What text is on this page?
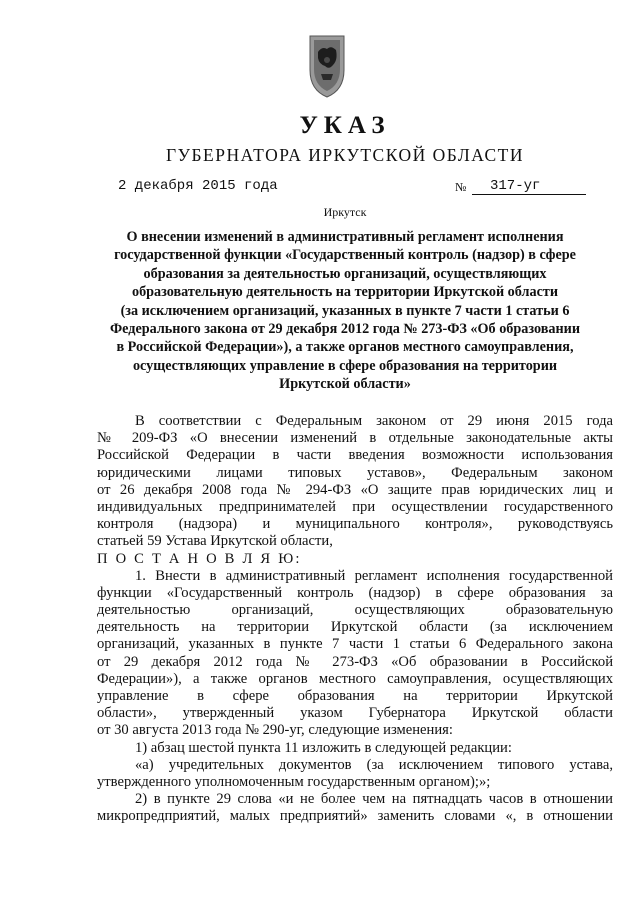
УКАЗ
ГУБЕРНАТОРА ИРКУТСКОЙ ОБЛАСТИ
2 декабря 2015 года	№	317-уг
Иркутск
О внесении изменений в административный регламент исполнения
государственной функции «Государственный контроль (надзор) в сфере
образования за деятельностью организаций, осуществляющих
образовательную деятельность на территории Иркутской области
(за исключением организаций, указанных в пункте 7 части 1 статьи 6
Федерального закона от 29 декабря 2012 года № 273-ФЗ «Об образовании
в Российской Федерации»), а также органов местного самоуправления,
осуществляющих управление в сфере образования на территории
Иркутской области»
В соответствии с Федеральным законом от 29 июня 2015 года
№ 209-ФЗ «О внесении изменений в отдельные законодательные акты
Российской Федерации в части введения возможности использования
юридическими лицами типовых уставов», Федеральным законом
от 26 декабря 2008 года № 294-ФЗ «О защите прав юридических лиц и
индивидуальных предпринимателей при осуществлении государственного
контроля (надзора) и муниципального контроля», руководствуясь
статьей 59 Устава Иркутской области,
П О С Т А Н О В Л Я Ю:
1. Внести в административный регламент исполнения государственной
функции «Государственный контроль (надзор) в сфере образования за
деятельностью организаций, осуществляющих образовательную
деятельность на территории Иркутской области (за исключением
организаций, указанных в пункте 7 части 1 статьи 6 Федерального закона
от 29 декабря 2012 года № 273-ФЗ «Об образовании в Российской
Федерации»), а также органов местного самоуправления, осуществляющих
управление в сфере образования на территории Иркутской
области», утвержденный указом Губернатора Иркутской области
от 30 августа 2013 года № 290-уг, следующие изменения:
1) абзац шестой пункта 11 изложить в следующей редакции:
«а) учредительных документов (за исключением типового устава,
утвержденного уполномоченным государственным органом);»;
2) в пункте 29 слова «и не более чем на пятнадцать часов в отношении
микропредприятий, малых предприятий» заменить словами «, в отношении
